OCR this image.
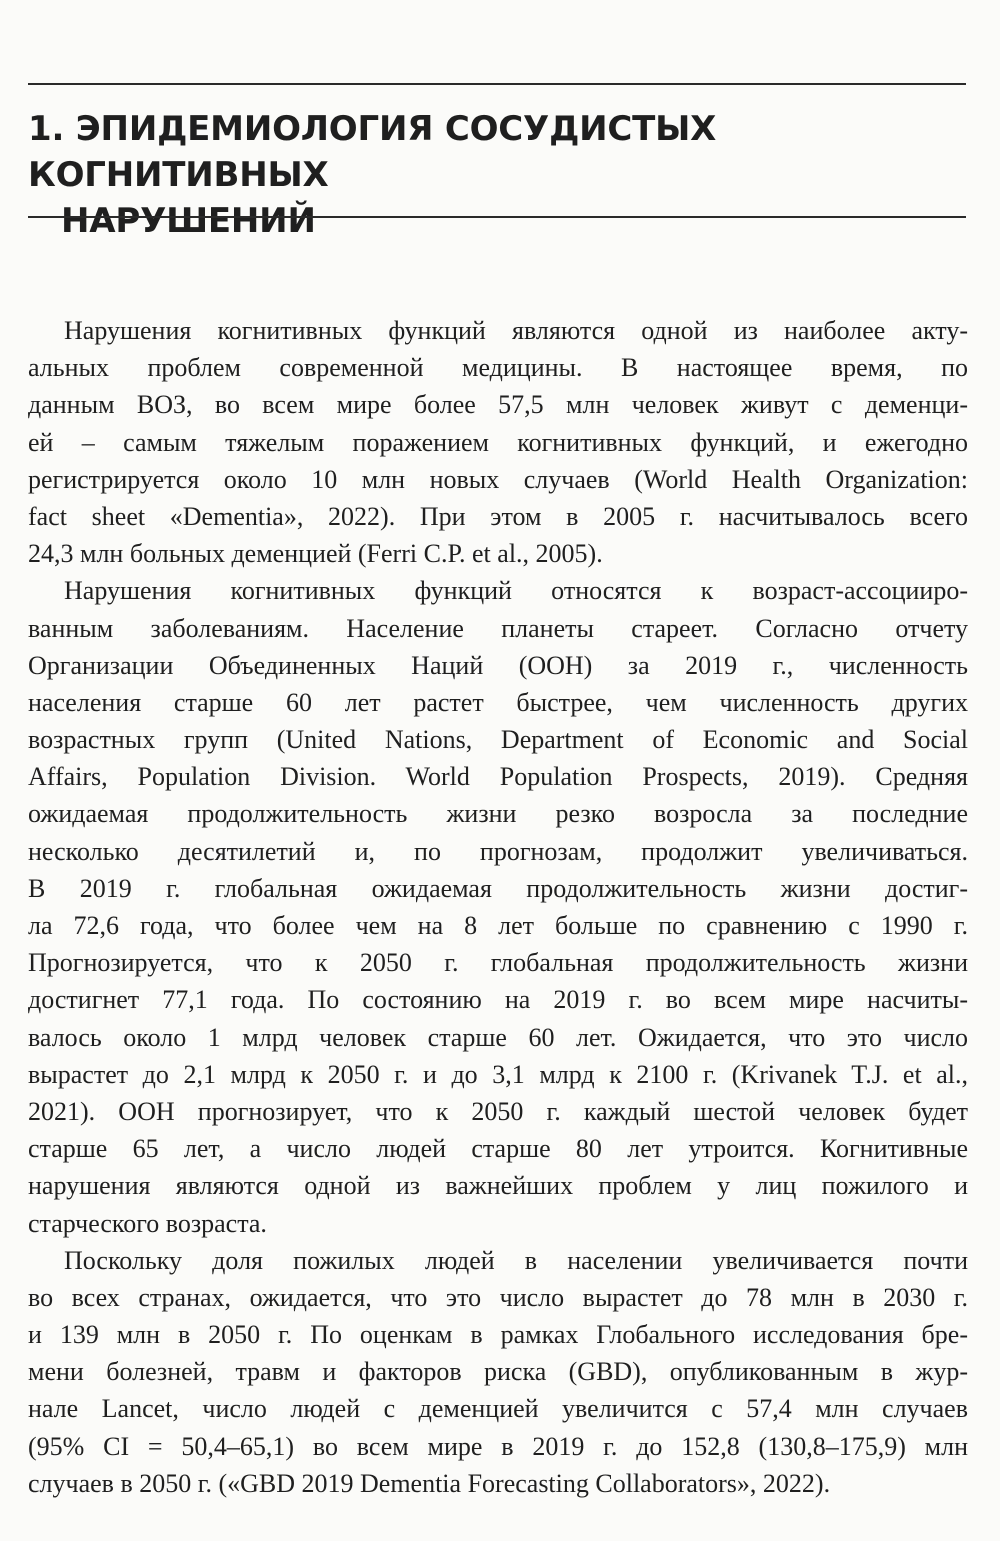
1. ЭПИДЕМИОЛОГИЯ СОСУДИСТЫХ КОГНИТИВНЫХ
НАРУШЕНИЙ
Нарушения когнитивных функций являются одной из наиболее акту-
альных проблем современной медицины. В настоящее время, по
данным ВОЗ, во всем мире более 57,5 млн человек живут с деменци-
ей – самым тяжелым поражением когнитивных функций, и ежегодно
регистрируется около 10 млн новых случаев (World Health Organization:
fact sheet «Dementia», 2022). При этом в 2005 г. насчитывалось всего
24,3 млн больных деменцией (Ferri C.P. et al., 2005).
Нарушения когнитивных функций относятся к возраст-ассоцииро-
ванным заболеваниям. Население планеты стареет. Согласно отчету
Организации Объединенных Наций (ООН) за 2019 г., численность
населения старше 60 лет растет быстрее, чем численность других
возрастных групп (United Nations, Department of Economic and Social
Affairs, Population Division. World Population Prospects, 2019). Средняя
ожидаемая продолжительность жизни резко возросла за последние
несколько десятилетий и, по прогнозам, продолжит увеличиваться.
В 2019 г. глобальная ожидаемая продолжительность жизни достиг-
ла 72,6 года, что более чем на 8 лет больше по сравнению с 1990 г.
Прогнозируется, что к 2050 г. глобальная продолжительность жизни
достигнет 77,1 года. По состоянию на 2019 г. во всем мире насчиты-
валось около 1 млрд человек старше 60 лет. Ожидается, что это число
вырастет до 2,1 млрд к 2050 г. и до 3,1 млрд к 2100 г. (Krivanek T.J. et al.,
2021). ООН прогнозирует, что к 2050 г. каждый шестой человек будет
старше 65 лет, а число людей старше 80 лет утроится. Когнитивные
нарушения являются одной из важнейших проблем у лиц пожилого и
старческого возраста.
Поскольку доля пожилых людей в населении увеличивается почти
во всех странах, ожидается, что это число вырастет до 78 млн в 2030 г.
и 139 млн в 2050 г. По оценкам в рамках Глобального исследования бре-
мени болезней, травм и факторов риска (GBD), опубликованным в жур-
нале Lancet, число людей с деменцией увеличится с 57,4 млн случаев
(95% CI = 50,4–65,1) во всем мире в 2019 г. до 152,8 (130,8–175,9) млн
случаев в 2050 г. («GBD 2019 Dementia Forecasting Collaborators», 2022).
